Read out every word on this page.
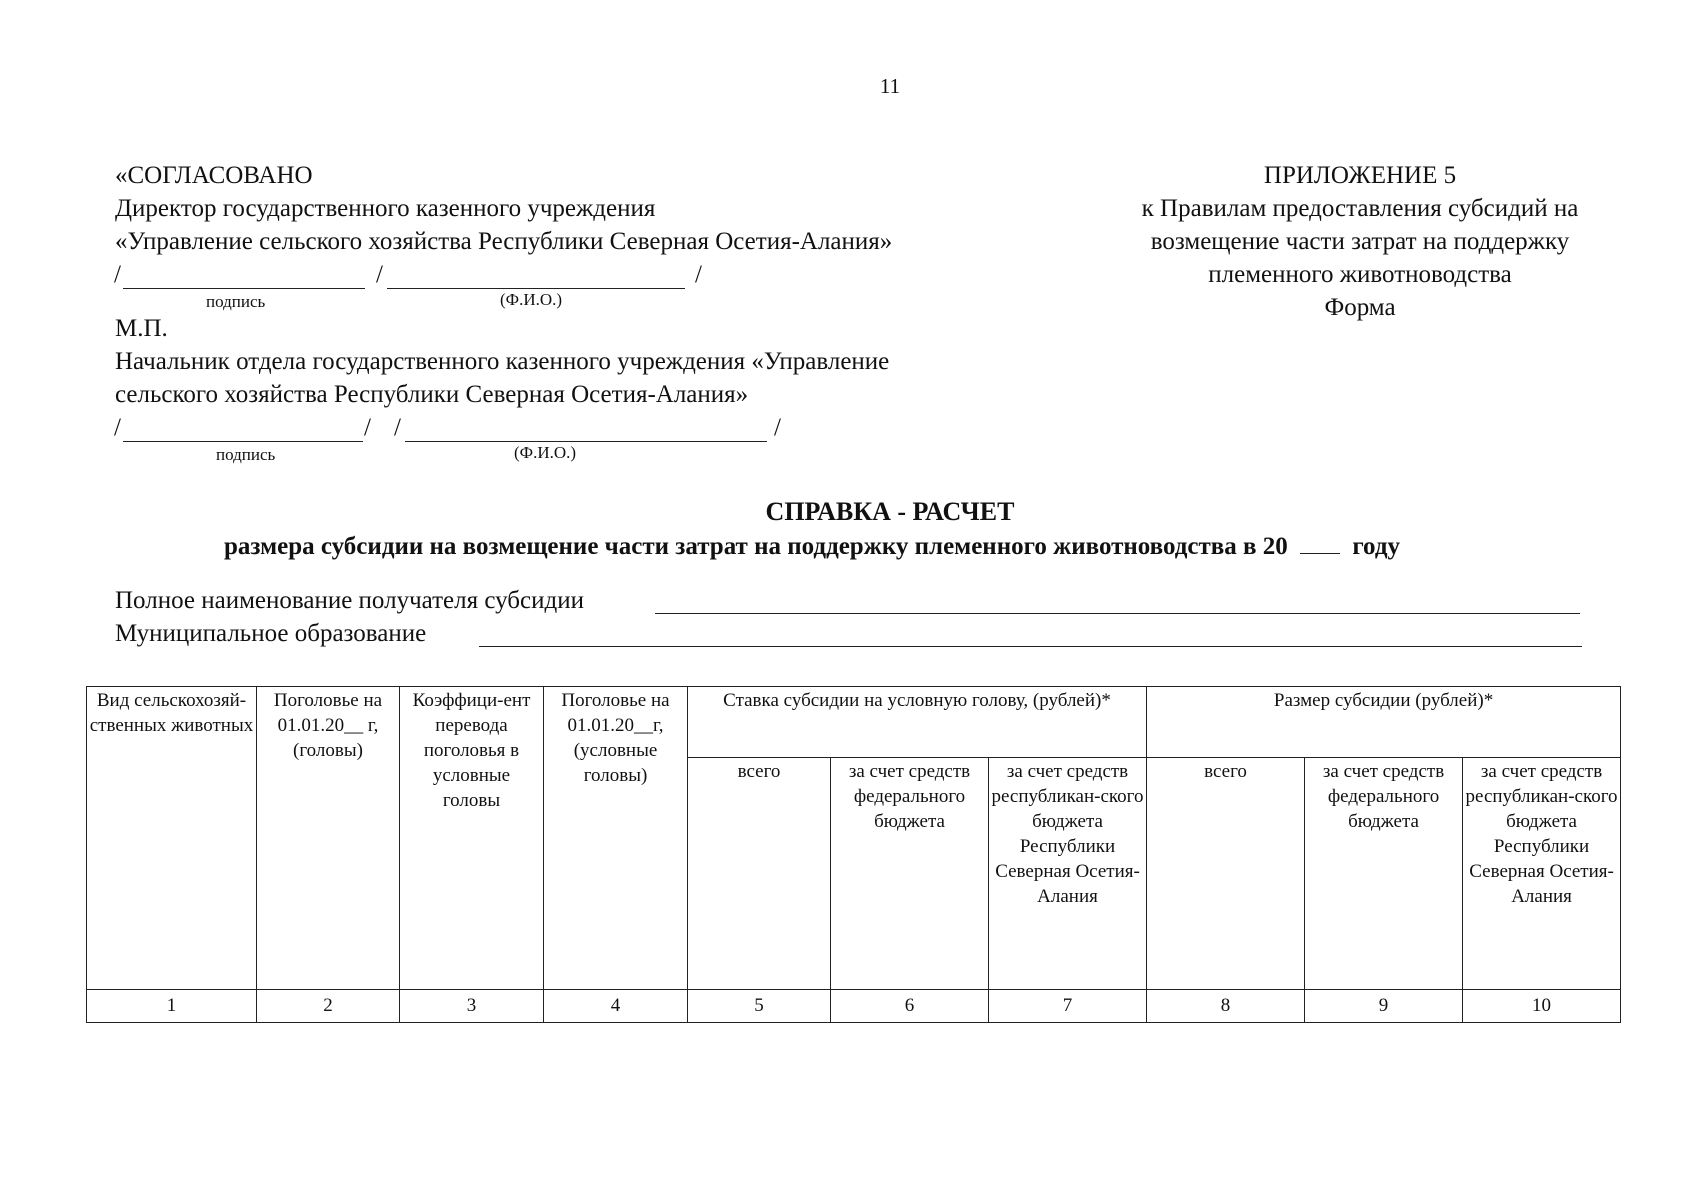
11
«СОГЛАСОВАНО
Директор государственного казенного учреждения
«Управление сельского хозяйства Республики Северная Осетия-Алания»
/	/	/
подпись	(Ф.И.О.)
М.П.
Начальник отдела государственного казенного учреждения «Управление
сельского хозяйства Республики Северная Осетия-Алания»
/	/ /	/
подпись	(Ф.И.О.)
ПРИЛОЖЕНИЕ 5
к Правилам предоставления субсидий на
возмещение части затрат на поддержку
племенного животноводства
Форма
СПРАВКА - РАСЧЕТ
размера субсидии на возмещение части затрат на поддержку племенного животноводства в 20	году
Полное наименование получателя субсидии
Муниципальное образование
Вид сельскохозяй-ственных животных	Поголовье на 01.01.20__ г, (головы)	Коэффици-ент перевода поголовья в условные головы	Поголовье на 01.01.20__г, (условные головы)	Ставка субсидии на условную голову, (рублей)*			Размер субсидии (рублей)*		
				всего	за счет средств федерального бюджета	за счет средств республикан-ского бюджета Республики Северная Осетия-Алания	всего	за счет средств федерального бюджета	за счет средств республикан-ского бюджета Республики Северная Осетия-Алания
1	2	3	4	5	6	7	8	9	10
